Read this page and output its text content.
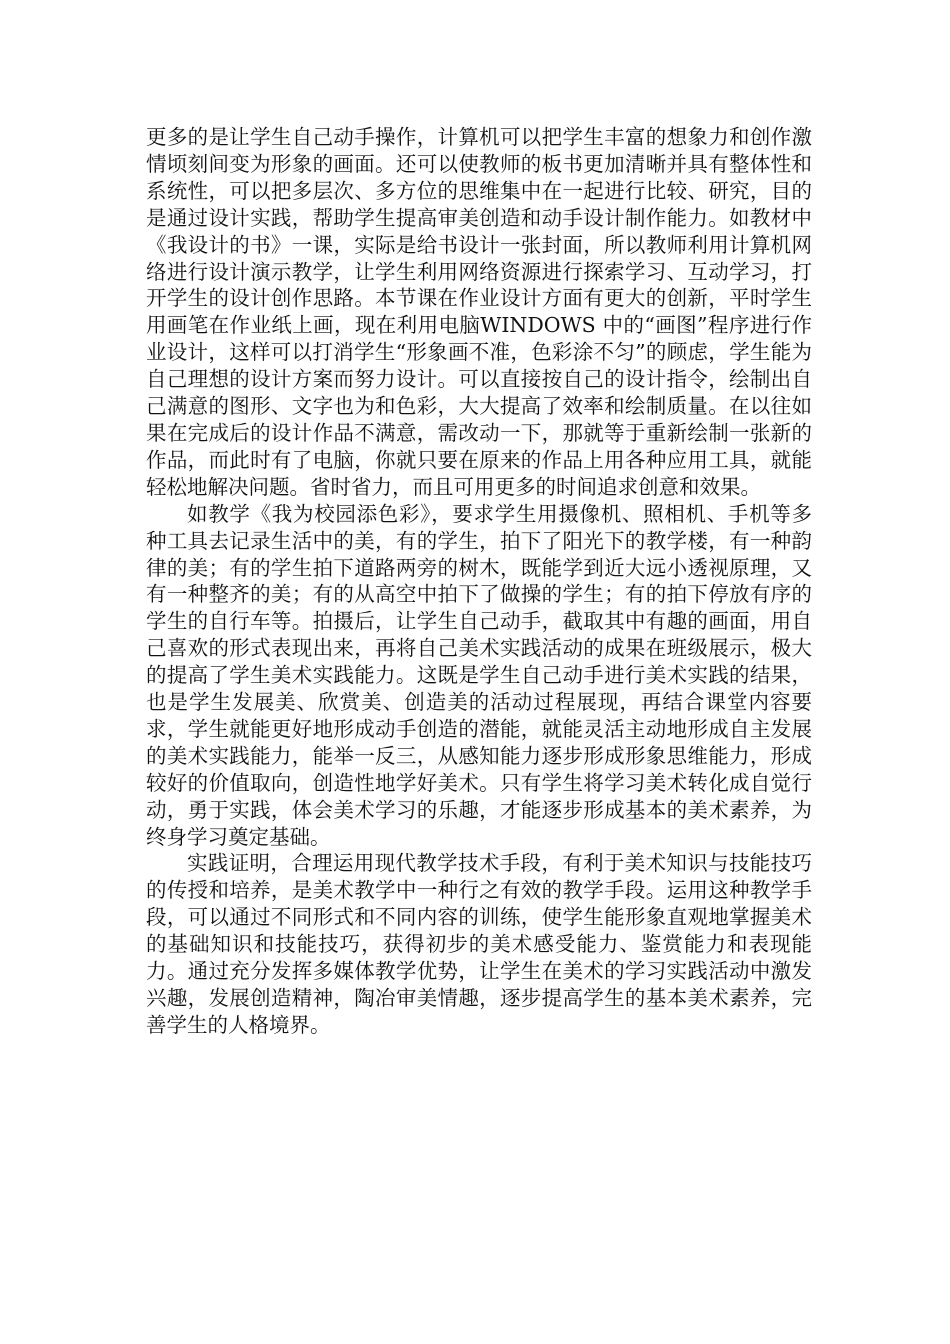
更多的是让学生自己动手操作，计算机可以把学生丰富的想象力和创作激情顷刻间变为形象的画面。还可以使教师的板书更加清晰并具有整体性和系统性，可以把多层次、多方位的思维集中在一起进行比较、研究，目的是通过设计实践，帮助学生提高审美创造和动手设计制作能力。如教材中《我设计的书》一课，实际是给书设计一张封面，所以教师利用计算机网络进行设计演示教学，让学生利用网络资源进行探索学习、互动学习，打开学生的设计创作思路。本节课在作业设计方面有更大的创新，平时学生用画笔在作业纸上画，现在利用电脑WINDOWS 中的“画图”程序进行作业设计，这样可以打消学生“形象画不准，色彩涂不匀”的顾虑，学生能为自己理想的设计方案而努力设计。可以直接按自己的设计指令，绘制出自己满意的图形、文字也为和色彩，大大提高了效率和绘制质量。在以往如果在完成后的设计作品不满意，需改动一下，那就等于重新绘制一张新的作品，而此时有了电脑，你就只要在原来的作品上用各种应用工具，就能轻松地解决问题。省时省力，而且可用更多的时间追求创意和效果。

如教学《我为校园添色彩》，要求学生用摄像机、照相机、手机等多种工具去记录生活中的美，有的学生，拍下了阳光下的教学楼，有一种韵律的美；有的学生拍下道路两旁的树木，既能学到近大远小透视原理，又有一种整齐的美；有的从高空中拍下了做操的学生；有的拍下停放有序的学生的自行车等。拍摄后，让学生自己动手，截取其中有趣的画面，用自己喜欢的形式表现出来，再将自己美术实践活动的成果在班级展示，极大的提高了学生美术实践能力。这既是学生自己动手进行美术实践的结果，也是学生发展美、欣赏美、创造美的活动过程展现，再结合课堂内容要求，学生就能更好地形成动手创造的潜能，就能灵活主动地形成自主发展的美术实践能力，能举一反三，从感知能力逐步形成形象思维能力，形成较好的价值取向，创造性地学好美术。只有学生将学习美术转化成自觉行动，勇于实践，体会美术学习的乐趣，才能逐步形成基本的美术素养，为终身学习奠定基础。

实践证明，合理运用现代教学技术手段，有利于美术知识与技能技巧的传授和培养，是美术教学中一种行之有效的教学手段。运用这种教学手段，可以通过不同形式和不同内容的训练，使学生能形象直观地掌握美术的基础知识和技能技巧，获得初步的美术感受能力、鉴赏能力和表现能力。通过充分发挥多媒体教学优势，让学生在美术的学习实践活动中激发兴趣，发展创造精神，陶冶审美情趣，逐步提高学生的基本美术素养，完善学生的人格境界。
